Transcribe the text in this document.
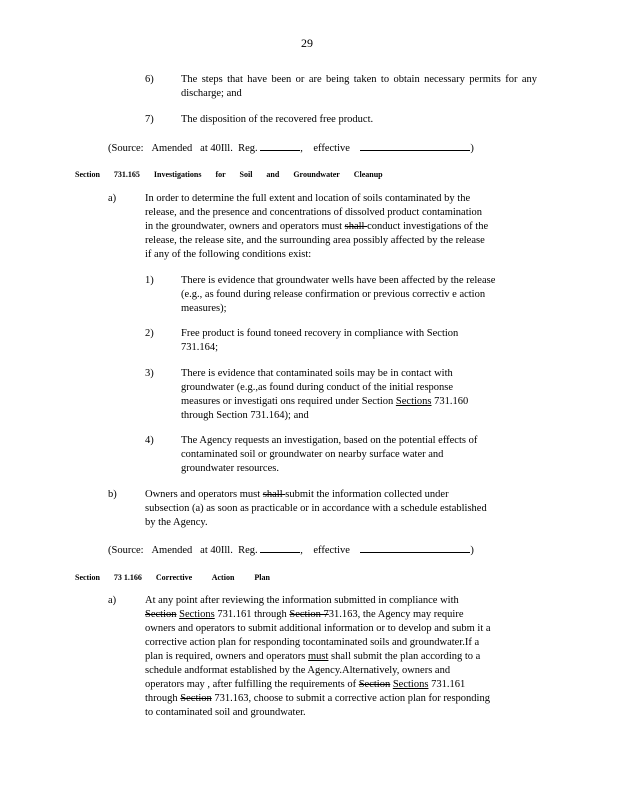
29
6)	The steps that have been or are being taken to obtain necessary permits for any discharge; and
7)	The disposition of the recovered free product.
(Source: Amended at 40Ill. Reg.	, effective	)
Section 731.165 Investigations for Soil and Groundwater Cleanup
a)	In order to determine the full extent and location of soils contaminated by the
release, and the presence and concentrations of dissolved product contamination
in the groundwater, owners and operators must shall conduct investigations of the
release, the release site, and the surrounding area possibly affected by the release
if any of the following conditions exist:
1)	There is evidence that groundwater wells have been affected by the release
(e.g., as found during release confirmation or previous correctiv e action
measures);
2)	Free product is found toneed recovery in compliance with Section
731.164;
3)	There is evidence that contaminated soils may be in contact with
groundwater (e.g.,as found during conduct of the initial response
measures or investigati ons required under Section Sections 731.160
through Section 731.164); and
4)	The Agency requests an investigation, based on the potential effects of
contaminated soil or groundwater on nearby surface water and
groundwater resources.
b)	Owners and operators must shall submit the information collected under
subsection (a) as soon as practicable or in accordance with a schedule established
by the Agency.
(Source: Amended at 40Ill. Reg.	, effective	)
Section 73 1.166 Corrective Action Plan
a)	At any point after reviewing the information submitted in compliance with
Section Sections 731.161 through Section 731.163, the Agency may require
owners and operators to submit additional information or to develop and subm it a
corrective action plan for responding tocontaminated soils and groundwater.If a
plan is required, owners and operators must shall submit the plan according to a
schedule andformat established by the Agency.Alternatively, owners and
operators may , after fulfilling the requirements of Section Sections 731.161
through Section 731.163, choose to submit a corrective action plan for responding
to contaminated soil and groundwater.
